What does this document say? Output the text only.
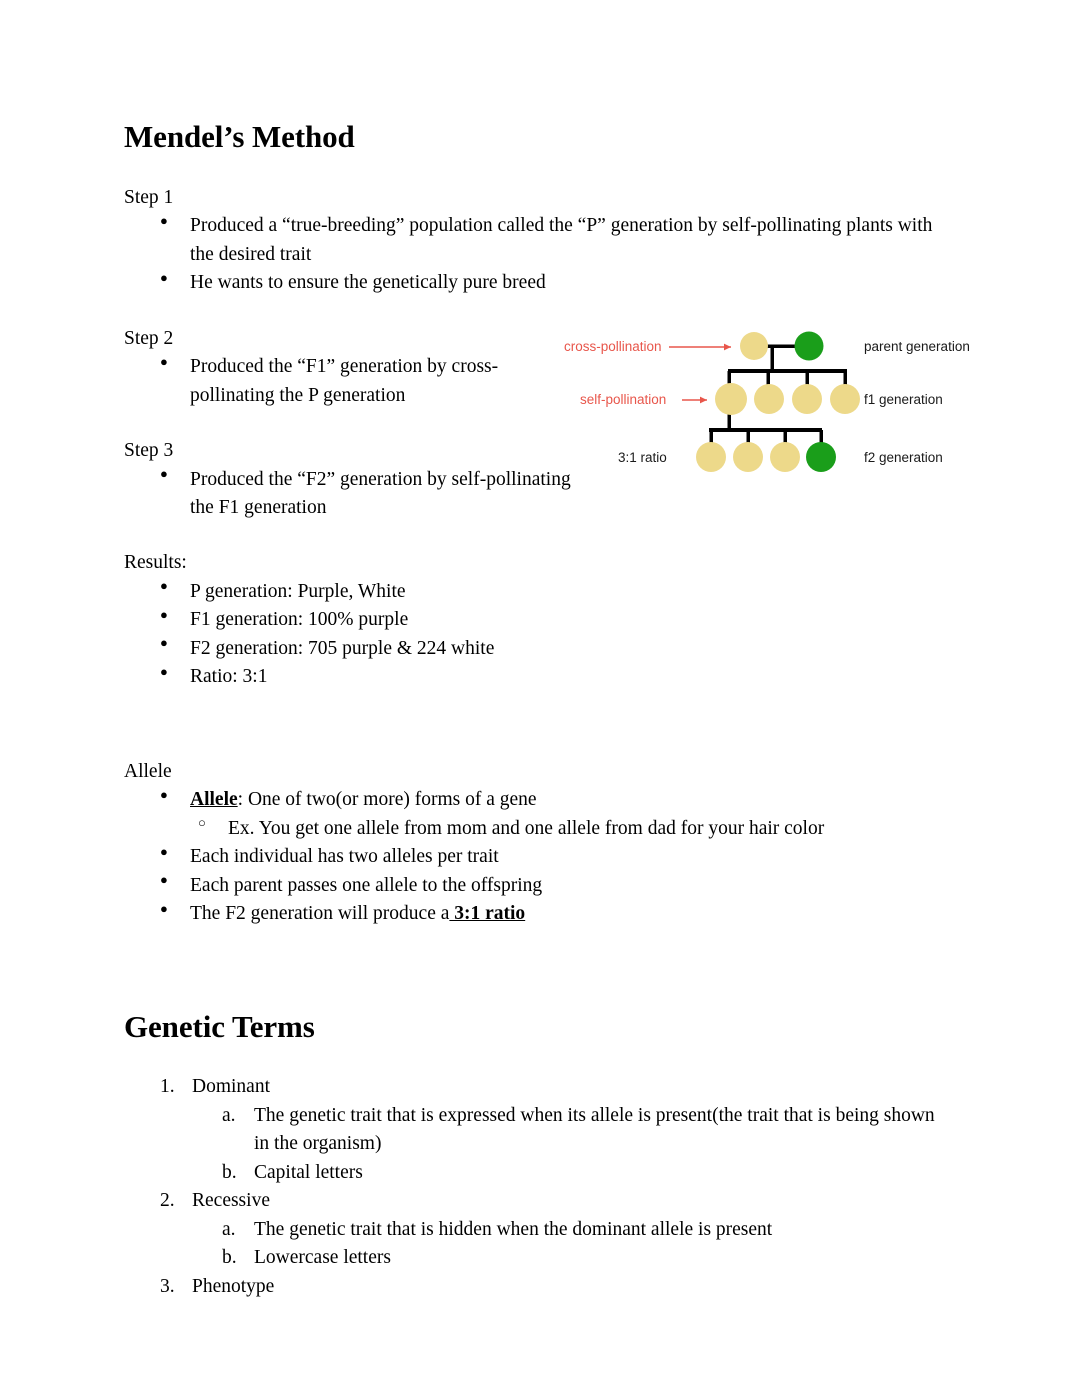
Mendel’s Method

Step 1

● Produced a “true-breeding” population called the “P” generation by self-pollinating plants with the desired trait
● He wants to ensure the genetically pure breed

Step 2

● Produced the “F1” generation by cross-pollinating the P generation

Step 3

● Produced the “F2” generation by self-pollinating the F1 generation

Results:

● P generation: Purple, White
● F1 generation: 100% purple
● F2 generation: 705 purple & 224 white
● Ratio: 3:1

Allele

● Allele: One of two(or more) forms of a gene
○ Ex. You get one allele from mom and one allele from dad for your hair color
● Each individual has two alleles per trait
● Each parent passes one allele to the offspring
● The F2 generation will produce a 3:1 ratio
Genetic Terms
Dominant
a. The genetic trait that is expressed when its allele is present(the trait that is being shown in the organism)
b. Capital letters
Recessive
a. The genetic trait that is hidden when the dominant allele is present
b. Lowercase letters
Phenotype
cross-pollination
self-pollination
3:1 ratio
parent generation
f1 generation
f2 generation
